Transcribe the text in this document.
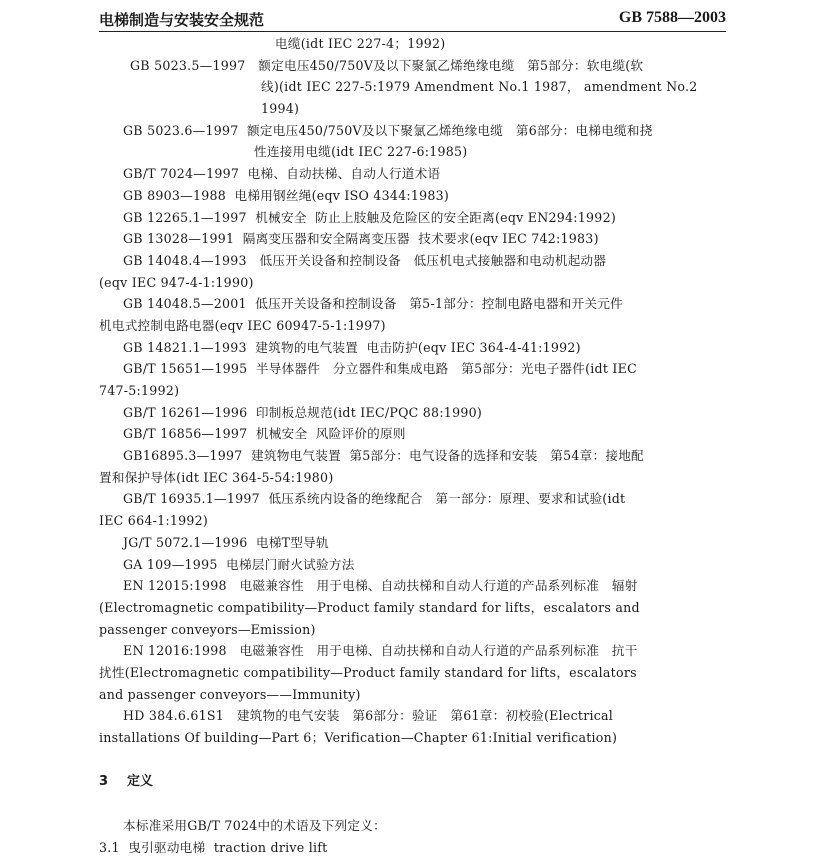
电梯制造与安装安全规范	GB 7588—2003
电缆(idt IEC 227-4；1992)
GB 5023.5—1997   额定电压450/750V及以下聚氯乙烯绝缘电缆   第5部分：软电缆(软
线)(idt IEC 227-5:1979 Amendment No.1 1987， amendment No.2
1994)
GB 5023.6—1997  额定电压450/750V及以下聚氯乙烯绝缘电缆   第6部分：电梯电缆和挠
性连接用电缆(idt IEC 227-6:1985)
GB/T 7024—1997  电梯、自动扶梯、自动人行道术语
GB 8903—1988  电梯用钢丝绳(eqv ISO 4344:1983)
GB 12265.1—1997  机械安全  防止上肢触及危险区的安全距离(eqv EN294:1992)
GB 13028—1991  隔离变压器和安全隔离变压器  技术要求(eqv IEC 742:1983)
GB 14048.4—1993   低压开关设备和控制设备   低压机电式接触器和电动机起动器
(eqv IEC 947-4-1:1990)
GB 14048.5—2001  低压开关设备和控制设备   第5-1部分：控制电路电器和开关元件
机电式控制电路电器(eqv IEC 60947-5-1:1997)
GB 14821.1—1993  建筑物的电气装置  电击防护(eqv IEC 364-4-41:1992)
GB/T 15651—1995  半导体器件   分立器件和集成电路   第5部分：光电子器件(idt IEC
747-5:1992)
GB/T 16261—1996  印制板总规范(idt IEC/PQC 88:1990)
GB/T 16856—1997  机械安全  风险评价的原则
GB16895.3—1997  建筑物电气装置  第5部分：电气设备的选择和安装   第54章：接地配
置和保护导体(idt IEC 364-5-54:1980)
GB/T 16935.1—1997  低压系统内设备的绝缘配合   第一部分：原理、要求和试验(idt
IEC 664-1:1992)
JG/T 5072.1—1996  电梯T型导轨
GA 109—1995  电梯层门耐火试验方法
EN 12015:1998   电磁兼容性   用于电梯、自动扶梯和自动人行道的产品系列标准   辐射
(Electromagnetic compatibility—Product family standard for lifts，escalators and
passenger conveyors—Emission)
EN 12016:1998   电磁兼容性   用于电梯、自动扶梯和自动人行道的产品系列标准   抗干
扰性(Electromagnetic compatibility—Product family standard for lifts，escalators
and passenger conveyors——Immunity)
HD 384.6.61S1   建筑物的电气安装   第6部分：验证   第61章：初校验(Electrical
installations Of building—Part 6；Verification—Chapter 61:Initial verification)
3 定义
本标准采用GB/T 7024中的术语及下列定义：
3.1  曳引驱动电梯  traction drive lift
